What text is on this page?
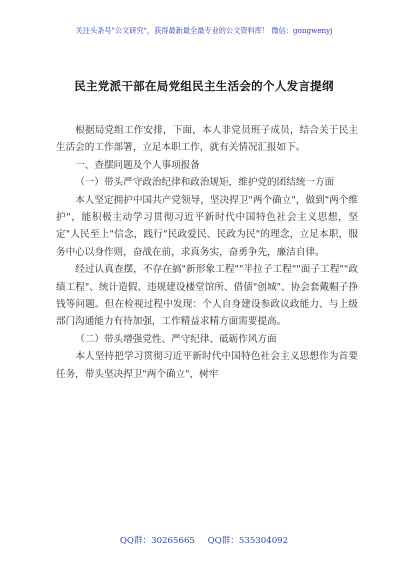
关注头条号"公文研究"，获得最新最全最专业的公文资料库！ 微信：gongwenyj
民主党派干部在局党组民主生活会的个人发言提纲

根据局党组工作安排，下面，本人非党员班子成员，结合关于民主生活会的工作部署，立足本职工作，就有关情况汇报如下。

一、查摆问题及个人事项报备

（一）带头严守政治纪律和政治规矩，维护党的团结统一方面

本人坚定拥护中国共产党领导，坚决捍卫"两个确立"，做到"两个维护"，能积极主动学习贯彻习近平新时代中国特色社会主义思想，坚定"人民至上"信念，践行"民政爱民、民政为民"的理念，立足本职，服务中心以身作则，奋战在前，求真务实，奋勇争先，廉洁自律。

经过认真查摆，不存在搞"新形象工程""半拉子工程""面子工程""政绩工程"、统计造假、违规建设楼堂馆所、借债"创城"、协会套戴帽子挣钱等问题。但在检视过程中发现：个人自身建设参政议政能力、与上级部门沟通能力有待加强，工作精益求精方面需要提高。

（二）带头增强党性、严守纪律、砥砺作风方面

本人坚持把学习贯彻习近平新时代中国特色社会主义思想作为首要任务，带头坚决捍卫"两个确立"，树牢

QQ群：30265665 QQ群：535304092
